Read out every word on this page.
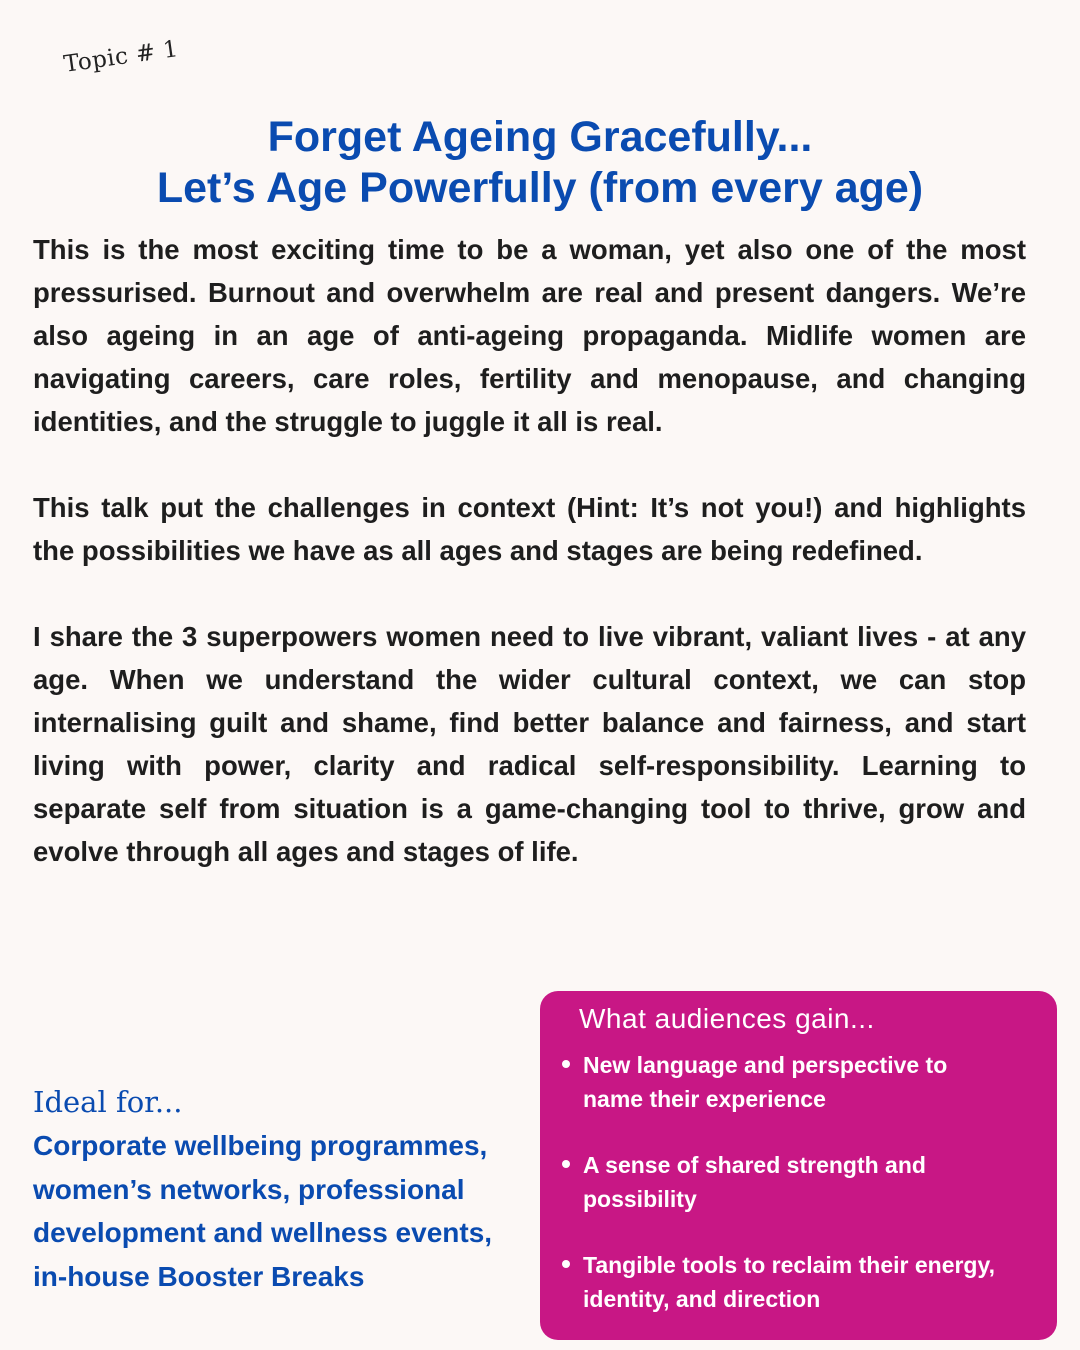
Topic # 1
Forget Ageing Gracefully...
Let’s Age Powerfully (from every age)

This is the most exciting time to be a woman, yet also one of the most pressurised. Burnout and overwhelm are real and present dangers. We’re also ageing in an age of anti-ageing propaganda. Midlife women are navigating careers, care roles, fertility and menopause, and changing identities, and the struggle to juggle it all is real.

This talk put the challenges in context (Hint: It’s not you!) and highlights the possibilities we have as all ages and stages are being redefined.

I share the 3 superpowers women need to live vibrant, valiant lives - at any age. When we understand the wider cultural context, we can stop internalising guilt and shame, find better balance and fairness, and start living with power, clarity and radical self-responsibility. Learning to separate self from situation is a game-changing tool to thrive, grow and evolve through all ages and stages of life.

Ideal for...

Corporate wellbeing programmes, women’s networks, professional development and wellness events, in-house Booster Breaks

What audiences gain...
New language and perspective to name their experience
A sense of shared strength and possibility
Tangible tools to reclaim their energy, identity, and direction
